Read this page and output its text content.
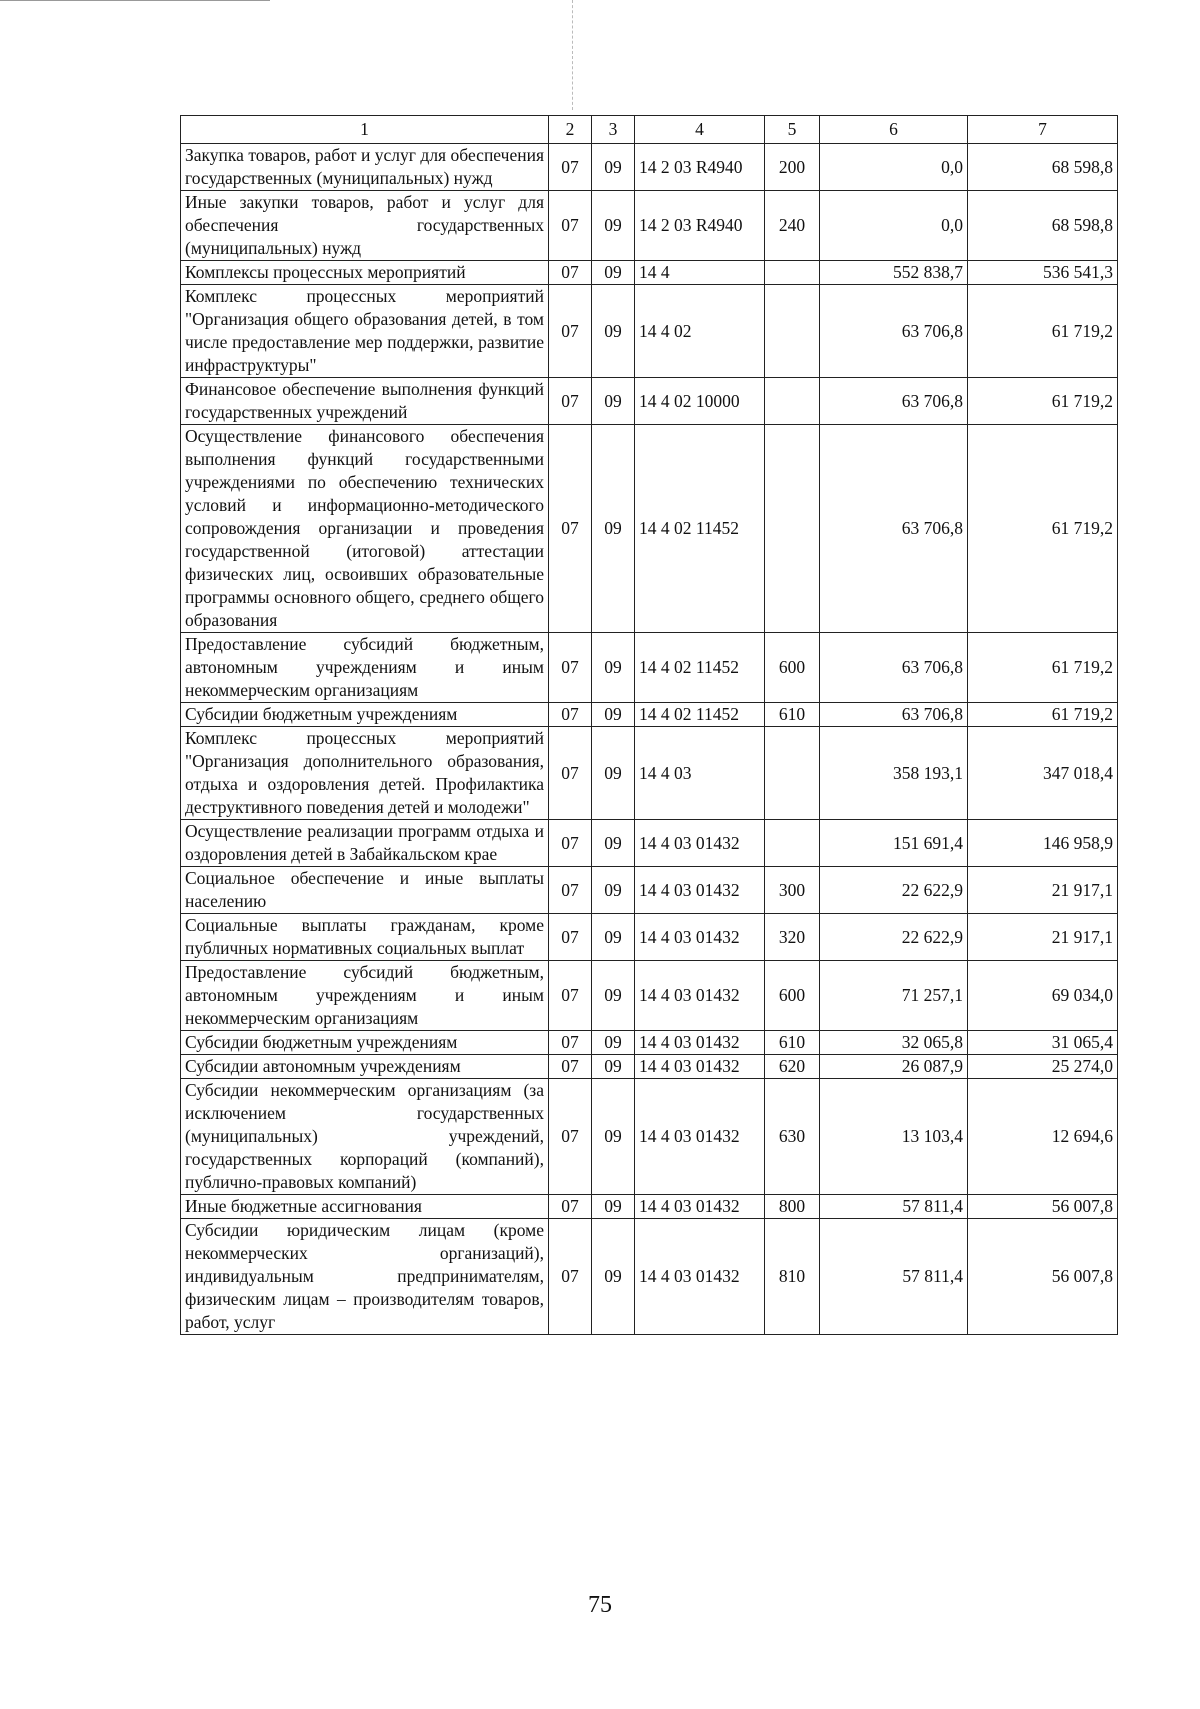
1	2	3	4	5	6	7
Закупка товаров, работ и услуг для обеспечения государственных (муниципальных) нужд	07	09	14 2 03 R4940	200	0,0	68 598,8
Иные закупки товаров, работ и услуг для обеспечения государственных (муниципальных) нужд	07	09	14 2 03 R4940	240	0,0	68 598,8
Комплексы процессных мероприятий	07	09	14 4		552 838,7	536 541,3
Комплекс процессных мероприятий "Организация общего образования детей, в том числе предоставление мер поддержки, развитие инфраструктуры"	07	09	14 4 02		63 706,8	61 719,2
Финансовое обеспечение выполнения функций государственных учреждений	07	09	14 4 02 10000		63 706,8	61 719,2
Осуществление финансового обеспечения выполнения функций государственными учреждениями по обеспечению технических условий и информационно-методического сопровождения организации и проведения государственной (итоговой) аттестации физических лиц, освоивших образовательные программы основного общего, среднего общего образования	07	09	14 4 02 11452		63 706,8	61 719,2
Предоставление субсидий бюджетным, автономным учреждениям и иным некоммерческим организациям	07	09	14 4 02 11452	600	63 706,8	61 719,2
Субсидии бюджетным учреждениям	07	09	14 4 02 11452	610	63 706,8	61 719,2
Комплекс процессных мероприятий "Организация дополнительного образования, отдыха и оздоровления детей. Профилактика деструктивного поведения детей и молодежи"	07	09	14 4 03		358 193,1	347 018,4
Осуществление реализации программ отдыха и оздоровления детей в Забайкальском крае	07	09	14 4 03 01432		151 691,4	146 958,9
Социальное обеспечение и иные выплаты населению	07	09	14 4 03 01432	300	22 622,9	21 917,1
Социальные выплаты гражданам, кроме публичных нормативных социальных выплат	07	09	14 4 03 01432	320	22 622,9	21 917,1
Предоставление субсидий бюджетным, автономным учреждениям и иным некоммерческим организациям	07	09	14 4 03 01432	600	71 257,1	69 034,0
Субсидии бюджетным учреждениям	07	09	14 4 03 01432	610	32 065,8	31 065,4
Субсидии автономным учреждениям	07	09	14 4 03 01432	620	26 087,9	25 274,0
Субсидии некоммерческим организациям (за исключением государственных (муниципальных) учреждений, государственных корпораций (компаний), публично-правовых компаний)	07	09	14 4 03 01432	630	13 103,4	12 694,6
Иные бюджетные ассигнования	07	09	14 4 03 01432	800	57 811,4	56 007,8
Субсидии юридическим лицам (кроме некоммерческих организаций), индивидуальным предпринимателям, физическим лицам – производителям товаров, работ, услуг	07	09	14 4 03 01432	810	57 811,4	56 007,8
75
